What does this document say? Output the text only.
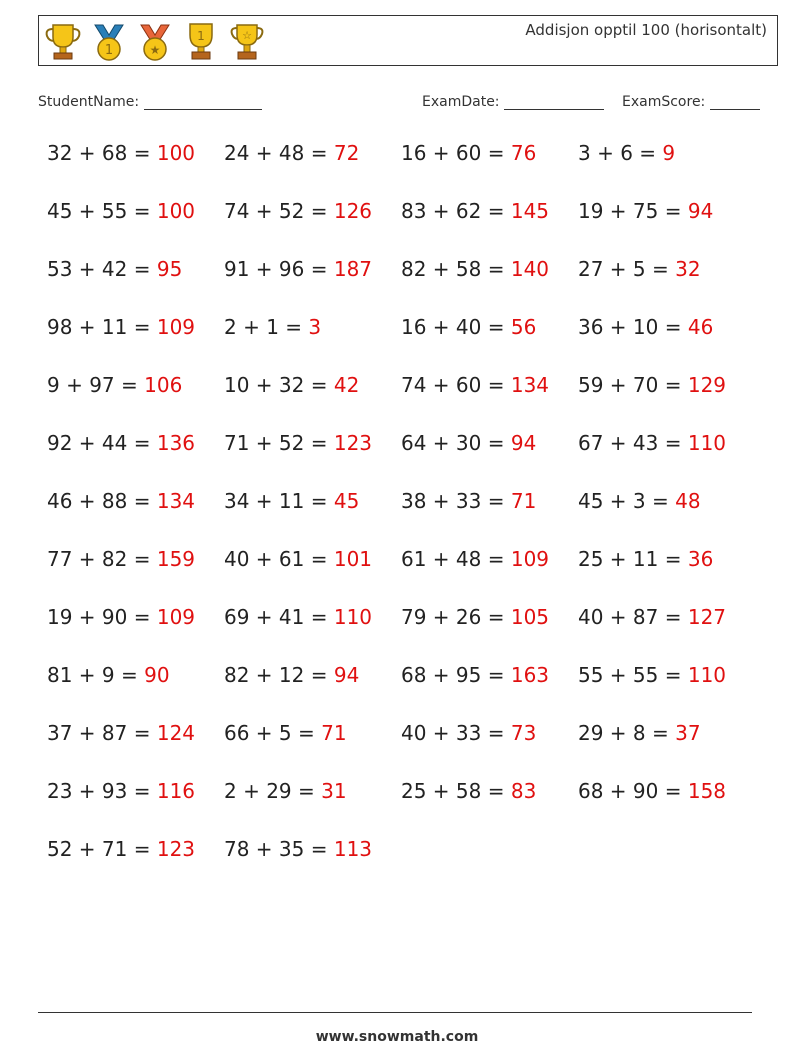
1	★
1	☆	Addisjon opptil 100 (horisontalt)
StudentName:	ExamDate:	ExamScore:
32 + 68 = 100	24 + 48 = 72	16 + 60 = 76	3 + 6 = 9
45 + 55 = 100	74 + 52 = 126	83 + 62 = 145	19 + 75 = 94
53 + 42 = 95	91 + 96 = 187	82 + 58 = 140	27 + 5 = 32
98 + 11 = 109	2 + 1 = 3	16 + 40 = 56	36 + 10 = 46
9 + 97 = 106	10 + 32 = 42	74 + 60 = 134	59 + 70 = 129
92 + 44 = 136	71 + 52 = 123	64 + 30 = 94	67 + 43 = 110
46 + 88 = 134	34 + 11 = 45	38 + 33 = 71	45 + 3 = 48
77 + 82 = 159	40 + 61 = 101	61 + 48 = 109	25 + 11 = 36
19 + 90 = 109	69 + 41 = 110	79 + 26 = 105	40 + 87 = 127
81 + 9 = 90	82 + 12 = 94	68 + 95 = 163	55 + 55 = 110
37 + 87 = 124	66 + 5 = 71	40 + 33 = 73	29 + 8 = 37
23 + 93 = 116	2 + 29 = 31	25 + 58 = 83	68 + 90 = 158
52 + 71 = 123	78 + 35 = 113
www.snowmath.com
